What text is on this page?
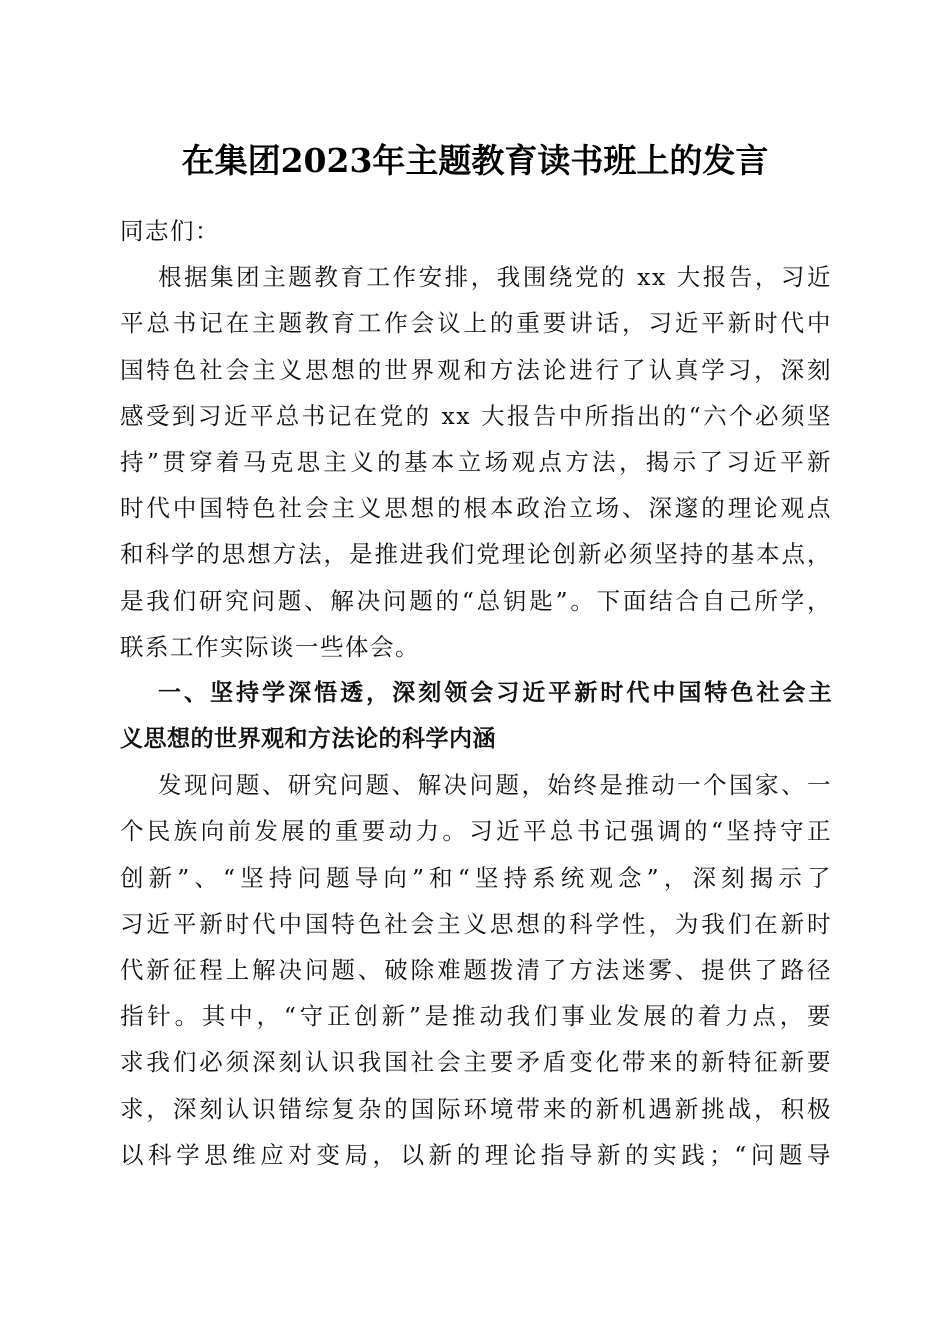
在集团2023年主题教育读书班上的发言
同志们：
根据集团主题教育工作安排，我围绕党的 xx 大报告，习近
平总书记在主题教育工作会议上的重要讲话，习近平新时代中
国特色社会主义思想的世界观和方法论进行了认真学习，深刻
感受到习近平总书记在党的 xx 大报告中所指出的“六个必须坚
持”贯穿着马克思主义的基本立场观点方法，揭示了习近平新
时代中国特色社会主义思想的根本政治立场、深邃的理论观点
和科学的思想方法，是推进我们党理论创新必须坚持的基本点，
是我们研究问题、解决问题的“总钥匙”。下面结合自己所学，
联系工作实际谈一些体会。
一、坚持学深悟透，深刻领会习近平新时代中国特色社会主
义思想的世界观和方法论的科学内涵
发现问题、研究问题、解决问题，始终是推动一个国家、一
个民族向前发展的重要动力。习近平总书记强调的“坚持守正
创新”、“坚持问题导向”和“坚持系统观念”，深刻揭示了
习近平新时代中国特色社会主义思想的科学性，为我们在新时
代新征程上解决问题、破除难题拨清了方法迷雾、提供了路径
指针。其中，“守正创新”是推动我们事业发展的着力点，要
求我们必须深刻认识我国社会主要矛盾变化带来的新特征新要
求，深刻认识错综复杂的国际环境带来的新机遇新挑战，积极
以科学思维应对变局，以新的理论指导新的实践；“问题导
